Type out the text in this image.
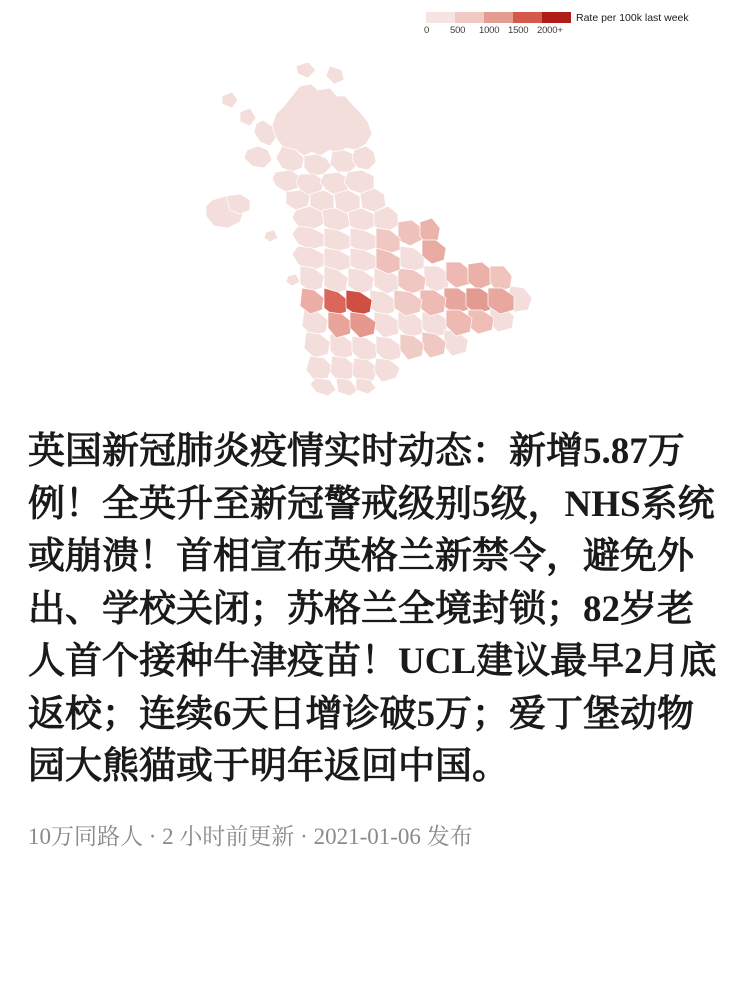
0	500	1000 1500 2000+
Rate per 100k last week
英国新冠肺炎疫情实时动态：新增5.87万例！全英升至新冠警戒级别5级，NHS系统或崩溃！首相宣布英格兰新禁令，避免外出、学校关闭；苏格兰全境封锁；82岁老人首个接种牛津疫苗！UCL建议最早2月底返校；连续6天日增诊破5万；爱丁堡动物园大熊猫或于明年返回中国。
10万同路人 · 2 小时前更新 · 2021-01-06 发布
